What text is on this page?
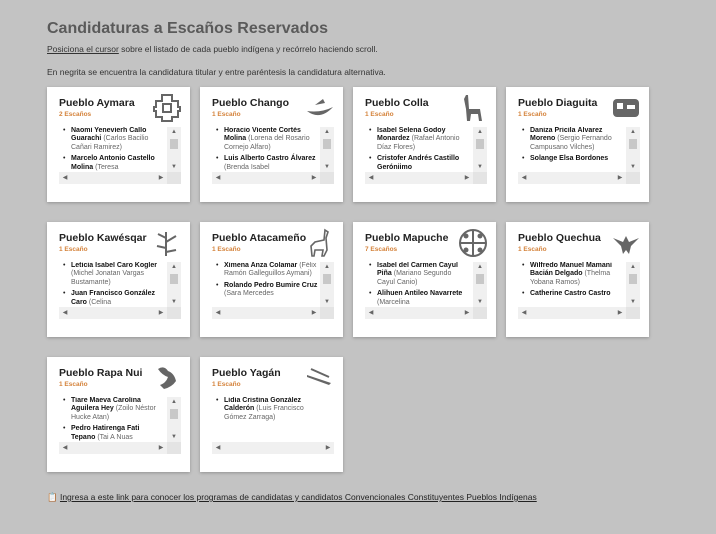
Candidaturas a Escaños Reservados
Posiciona el cursor sobre el listado de cada pueblo indígena y recórrelo haciendo scroll.
En negrita se encuentra la candidatura titular y entre paréntesis la candidatura alternativa.
Pueblo Aymara
2 Escaños
• Naomi Yenevierh Callo Guarachi (Carlos Bacilio Cañari Ramirez)
• Marcelo Antonio Castello Molina (Teresa
▲
▼
◀	▶
Pueblo Chango
1 Escaño
• Horacio Vicente Cortés Molina (Lorena del Rosario Cornejo Alfaro)
• Luis Alberto Castro Álvarez (Brenda Isabel
▲
▼
◀	▶
Pueblo Colla
1 Escaño
• Isabel Selena Godoy Monardez (Rafael Antonio Díaz Flores)
• Cristofer Andrés Castillo Geróniimo
▲
▼
◀	▶
Pueblo Diaguita
1 Escaño
• Daniza Pricila Álvarez Moreno (Sergio Fernando Campusano Vilches)
• Solange Elsa Bordones
▲
▼
◀	▶
Pueblo Kawésqar
1 Escaño
• Leticia Isabel Caro Kogler (Michel Jonatan Vargas Bustamante)
• Juan Francisco González Caro (Celina
▲
▼
◀	▶
Pueblo Atacameño
1 Escaño
• Ximena Anza Colamar (Félix Ramón Galleguillos Aymani)
• Rolando Pedro Bumire Cruz (Sara Mercedes
▲
▼
◀	▶
Pueblo Mapuche
7 Escaños
• Isabel del Carmen Cayul Piña (Mariano Segundo Cayul Canio)
• Alihuen Antileo Navarrete (Marcelina
▲
▼
◀	▶
Pueblo Quechua
1 Escaño
• Wilfredo Manuel Mamani Bacián Delgado (Thelma Yobana Ramos)
• Catherine Castro Castro
▲
▼
◀	▶
Pueblo Rapa Nui
1 Escaño
• Tiare Maeva Carolina Aguilera Hey (Zoilo Néstor Hucke Atan)
• Pedro Hatirenga Fati Tepano (Tai A Nuas
▲
▼
◀	▶
Pueblo Yagán
1 Escaño
• Lidia Cristina González Calderón (Luis Francisco Gómez Zarraga)
◀	▶
📋 Ingresa a este link para conocer los programas de candidatas y candidatos Convencionales Constituyentes Pueblos Indígenas
